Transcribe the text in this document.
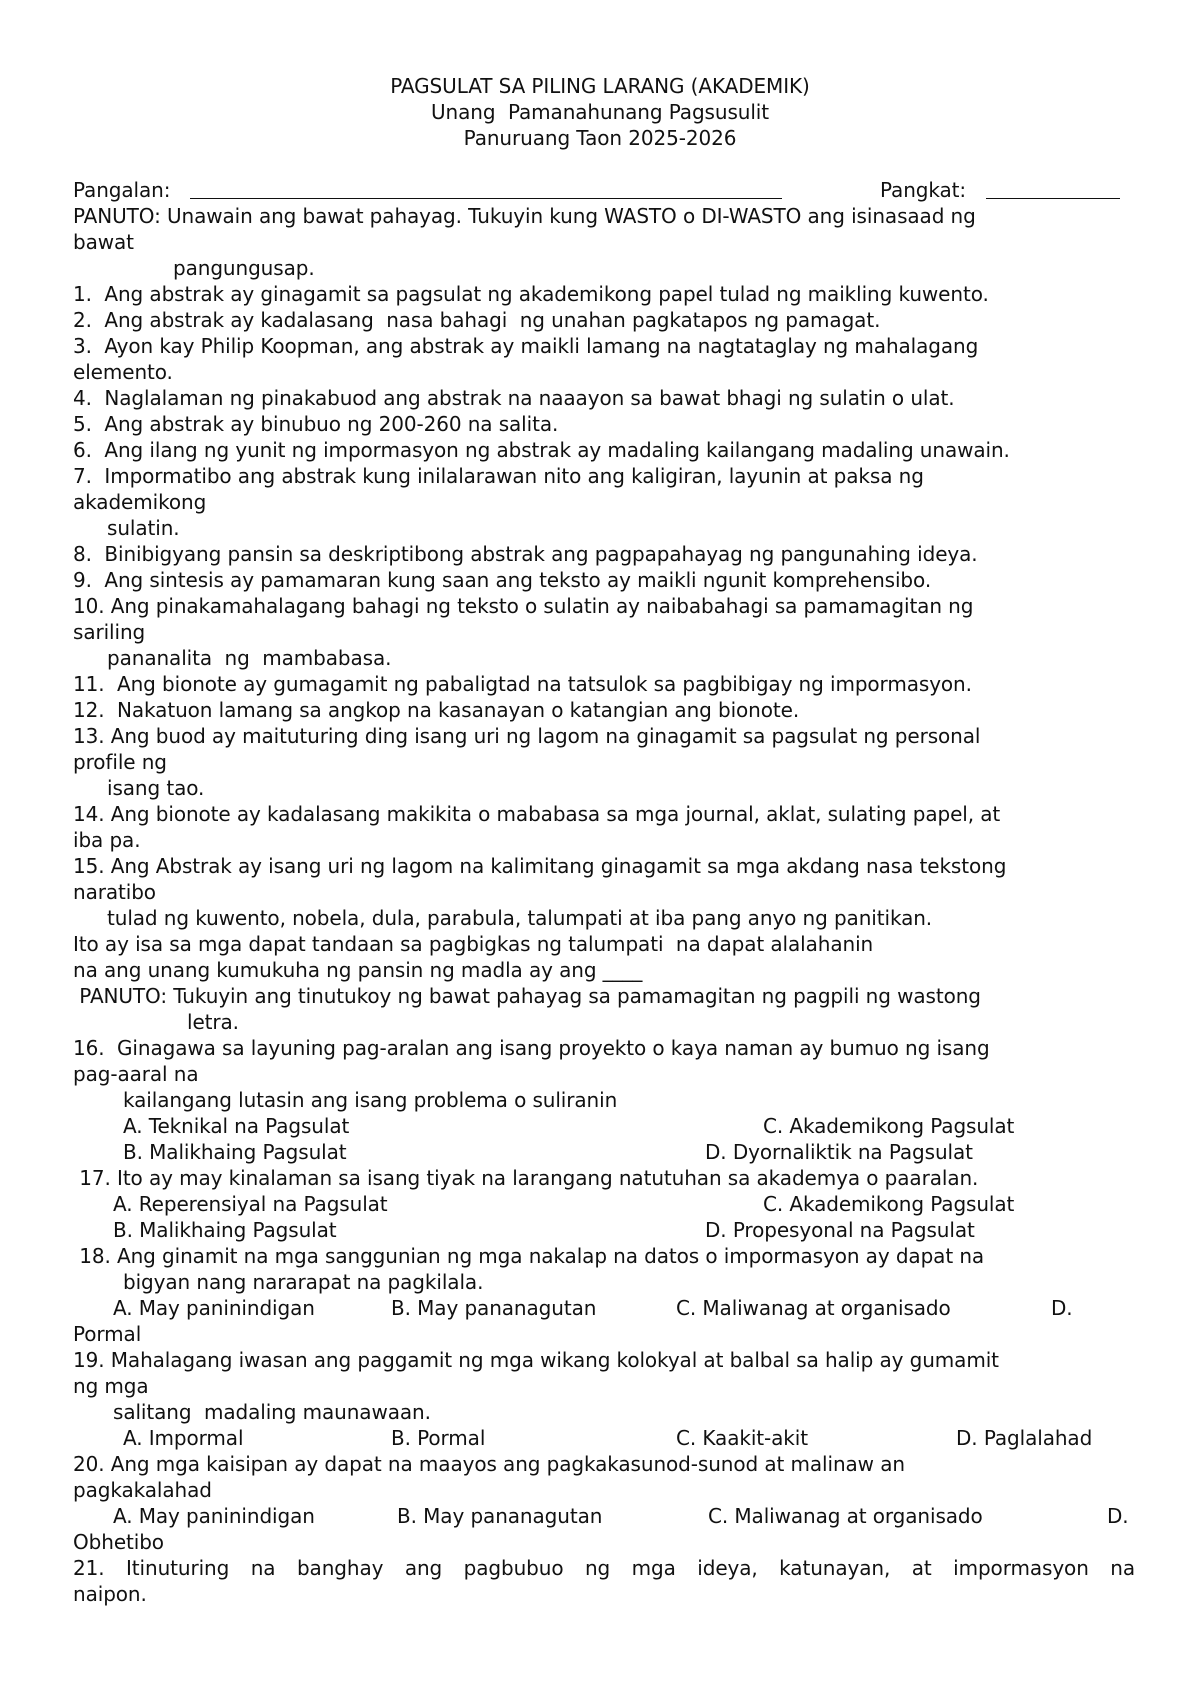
PAGSULAT SA PILING LARANG (AKADEMIK)
Unang  Pamanahunang Pagsusulit
Panuruang Taon 2025-2026
Pangalan:	Pangkat:
PANUTO: Unawain ang bawat pahayag. Tukuyin kung WASTO o DI-WASTO ang isinasaad ng
bawat
pangungusap.
1.  Ang abstrak ay ginagamit sa pagsulat ng akademikong papel tulad ng maikling kuwento.
2.  Ang abstrak ay kadalasang  nasa bahagi  ng unahan pagkatapos ng pamagat.
3.  Ayon kay Philip Koopman, ang abstrak ay maikli lamang na nagtataglay ng mahalagang
elemento.
4.  Naglalaman ng pinakabuod ang abstrak na naaayon sa bawat bhagi ng sulatin o ulat.
5.  Ang abstrak ay binubuo ng 200-260 na salita.
6.  Ang ilang ng yunit ng impormasyon ng abstrak ay madaling kailangang madaling unawain.
7.  Impormatibo ang abstrak kung inilalarawan nito ang kaligiran, layunin at paksa ng
akademikong
sulatin.
8.  Binibigyang pansin sa deskriptibong abstrak ang pagpapahayag ng pangunahing ideya.
9.  Ang sintesis ay pamamaran kung saan ang teksto ay maikli ngunit komprehensibo.
10. Ang pinakamahalagang bahagi ng teksto o sulatin ay naibabahagi sa pamamagitan ng
sariling
pananalita  ng  mambabasa.
11.  Ang bionote ay gumagamit ng pabaligtad na tatsulok sa pagbibigay ng impormasyon.
12.  Nakatuon lamang sa angkop na kasanayan o katangian ang bionote.
13. Ang buod ay maituturing ding isang uri ng lagom na ginagamit sa pagsulat ng personal
profile ng
isang tao.
14. Ang bionote ay kadalasang makikita o mababasa sa mga journal, aklat, sulating papel, at
iba pa.
15. Ang Abstrak ay isang uri ng lagom na kalimitang ginagamit sa mga akdang nasa tekstong
naratibo
tulad ng kuwento, nobela, dula, parabula, talumpati at iba pang anyo ng panitikan.
Ito ay isa sa mga dapat tandaan sa pagbigkas ng talumpati  na dapat alalahanin
na ang unang kumukuha ng pansin ng madla ay ang ____
PANUTO: Tukuyin ang tinutukoy ng bawat pahayag sa pamamagitan ng pagpili ng wastong
letra.
16.  Ginagawa sa layuning pag-aralan ang isang proyekto o kaya naman ay bumuo ng isang
pag-aaral na
kailangang lutasin ang isang problema o suliranin
A. Teknikal na Pagsulat	C. Akademikong Pagsulat
B. Malikhaing Pagsulat	D. Dyornaliktik na Pagsulat
17. Ito ay may kinalaman sa isang tiyak na larangang natutuhan sa akademya o paaralan.
A. Reperensiyal na Pagsulat	C. Akademikong Pagsulat
B. Malikhaing Pagsulat	D. Propesyonal na Pagsulat
18. Ang ginamit na mga sanggunian ng mga nakalap na datos o impormasyon ay dapat na
bigyan nang nararapat na pagkilala.
A. May paninindigan	B. May pananagutan	C. Maliwanag at organisado	D.
Pormal
19. Mahalagang iwasan ang paggamit ng mga wikang kolokyal at balbal sa halip ay gumamit
ng mga
salitang  madaling maunawaan.
A. Impormal	B. Pormal	C. Kaakit-akit	D. Paglalahad
20. Ang mga kaisipan ay dapat na maayos ang pagkakasunod-sunod at malinaw an
pagkakalahad
A. May paninindigan	B. May pananagutan	C. Maliwanag at organisado	D.
Obhetibo
21. Itinuturing na banghay ang pagbubuo ng mga ideya, katunayan, at impormasyon na
naipon.
